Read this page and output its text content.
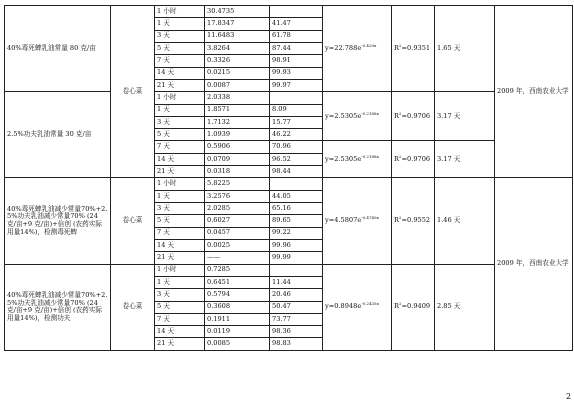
40%毒死蜱乳油常量 80 克/亩	卷心菜	1 小时	30.4735		$y=22.788e^{-0.420x}$	$R^2=0.9351$	1.65 天	2009 年，西南农业大学
		1 天	17.8347	41.47				
		3 天	11.6483	61.78				
		5 天	3.8264	87.44				
		7 天	0.3326	98.91				
		14 天	0.0215	99.93				
		21 天	0.0087	99.97				
2.5%功夫乳油常量 30 克/亩		1 小时	2.0338		$y=2.5305e^{-0.2188x}$	$R^2=0.9706$	3.17 天	
		1 天	1.8571	8.09				
		3 天	1.7132	15.77				
		5 天	1.0939	46.22				
		7 天	0.5906	70.96	$y=2.5305e^{-0.2188x}$	$R^2=0.9706$	3.17 天	
		14 天	0.0709	96.52				
		21 天	0.0318	98.44				
40%毒死蜱乳油减少常量70%+2.5%功夫乳油减少常量70% (24 克/亩+9 克/亩)+倍创 (农药实际用量14%)，检测毒死蜱	卷心菜	1 小时	5.8225		$y=4.5807e^{-0.4749x}$	$R^2=0.9552$	1.46 天	2009 年，西南农业大学
		1 天	3.2576	44.05				
		3 天	2.0285	65.16				
		5 天	0.6027	89.65				
		7 天	0.0457	99.22				
		14 天	0.0025	99.96				
		21 天	——	99.99				
40%毒死蜱乳油减少常量70%+2.5%功夫乳油减少常量70% (24 克/亩+9 克/亩)+倍创 (农药实际用量14%)，检测功夫	卷心菜	1 小时	0.7285		$y=0.8948e^{-0.2435x}$	$R^2=0.9409$	2.85 天	
		1 天	0.6451	11.44				
		3 天	0.5794	20.46				
		5 天	0.3608	50.47				
		7 天	0.1911	73.77				
		14 天	0.0119	98.36				
		21 天	0.0085	98.83				
2
